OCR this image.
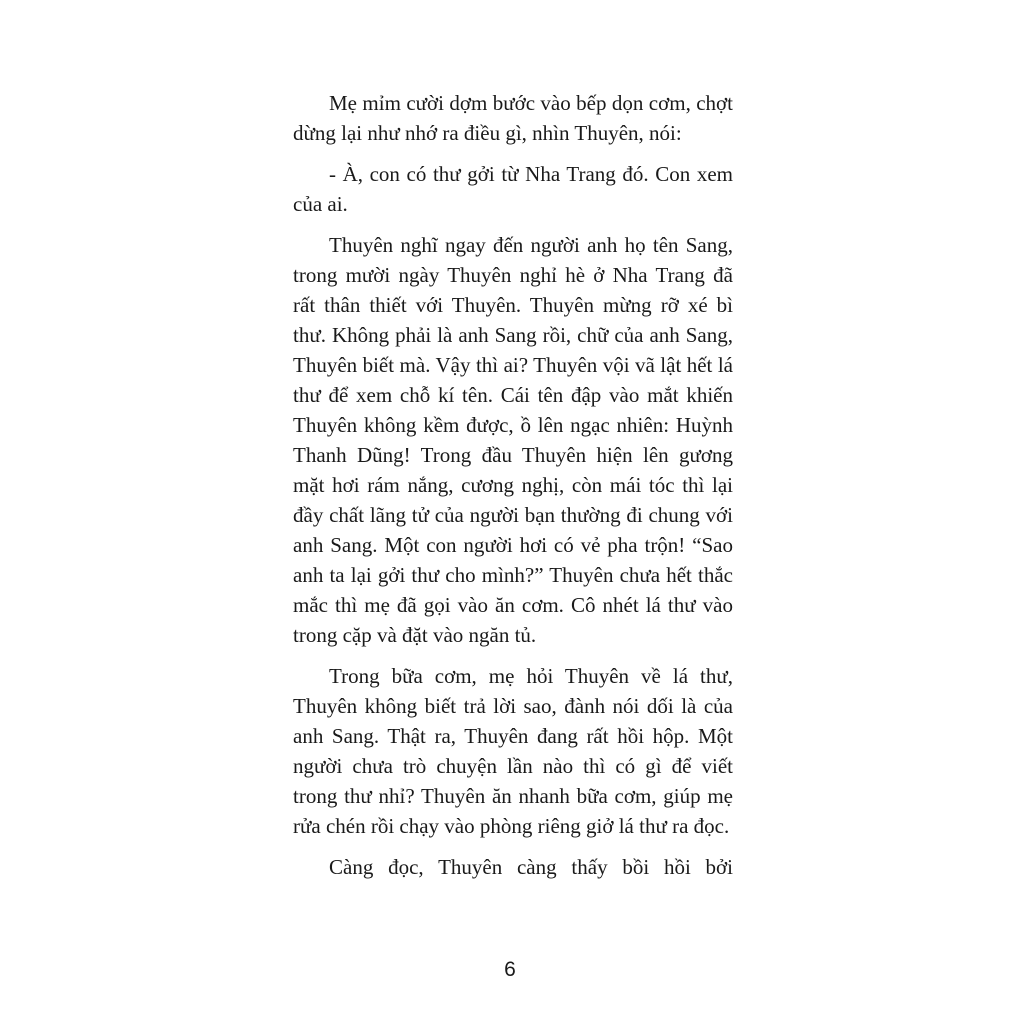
Mẹ mỉm cười dợm bước vào bếp dọn cơm, chợt dừng lại như nhớ ra điều gì, nhìn Thuyên, nói:

- À, con có thư gởi từ Nha Trang đó. Con xem của ai.

Thuyên nghĩ ngay đến người anh họ tên Sang, trong mười ngày Thuyên nghỉ hè ở Nha Trang đã rất thân thiết với Thuyên. Thuyên mừng rỡ xé bì thư. Không phải là anh Sang rồi, chữ của anh Sang, Thuyên biết mà. Vậy thì ai? Thuyên vội vã lật hết lá thư để xem chỗ kí tên. Cái tên đập vào mắt khiến Thuyên không kềm được, ồ lên ngạc nhiên: Huỳnh Thanh Dũng! Trong đầu Thuyên hiện lên gương mặt hơi rám nắng, cương nghị, còn mái tóc thì lại đầy chất lãng tử của người bạn thường đi chung với anh Sang. Một con người hơi có vẻ pha trộn! “Sao anh ta lại gởi thư cho mình?” Thuyên chưa hết thắc mắc thì mẹ đã gọi vào ăn cơm. Cô nhét lá thư vào trong cặp và đặt vào ngăn tủ.

Trong bữa cơm, mẹ hỏi Thuyên về lá thư, Thuyên không biết trả lời sao, đành nói dối là của anh Sang. Thật ra, Thuyên đang rất hồi hộp. Một người chưa trò chuyện lần nào thì có gì để viết trong thư nhỉ? Thuyên ăn nhanh bữa cơm, giúp mẹ rửa chén rồi chạy vào phòng riêng giở lá thư ra đọc.

Càng đọc, Thuyên càng thấy bồi hồi bởi

6
